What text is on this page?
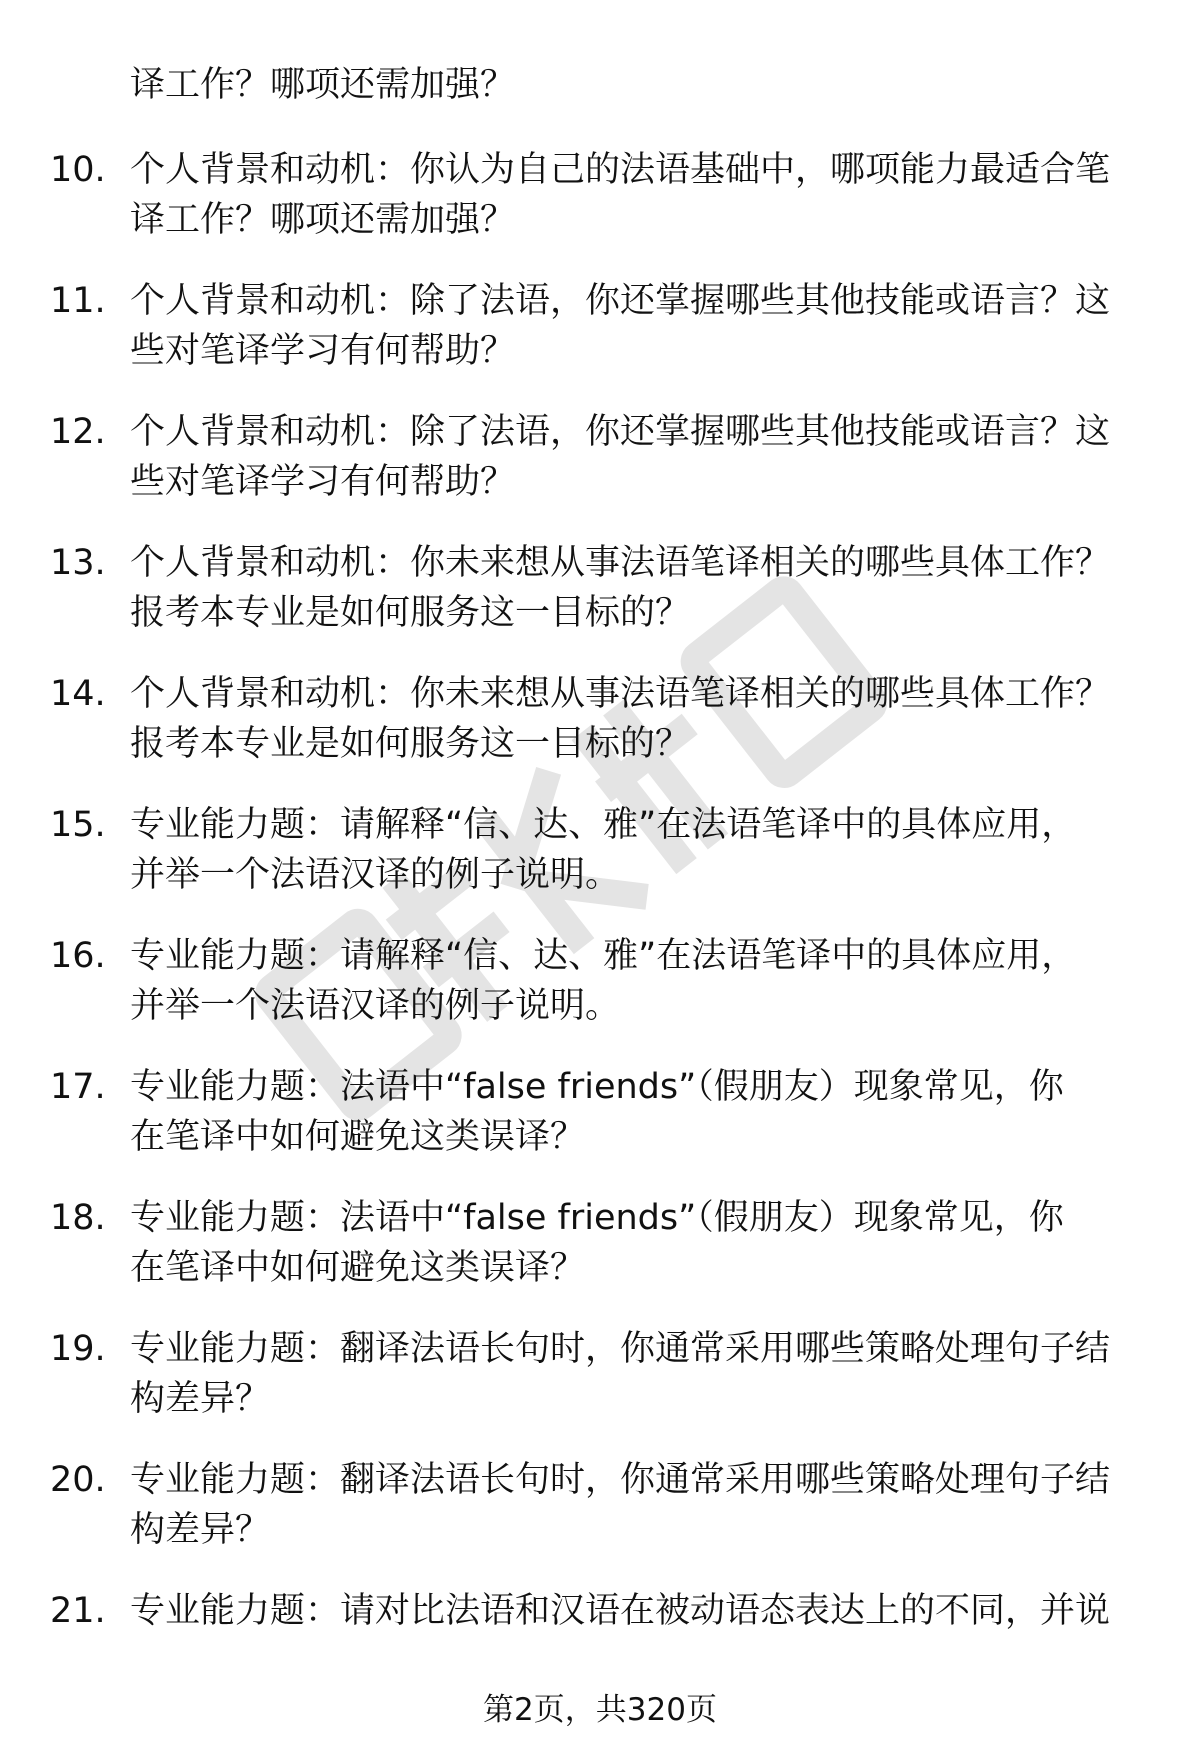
译工作？哪项还需加强？
10. 个人背景和动机：你认为自己的法语基础中，哪项能力最适合笔
译工作？哪项还需加强？
11. 个人背景和动机：除了法语，你还掌握哪些其他技能或语言？这
些对笔译学习有何帮助？
12. 个人背景和动机：除了法语，你还掌握哪些其他技能或语言？这
些对笔译学习有何帮助？
13. 个人背景和动机：你未来想从事法语笔译相关的哪些具体工作？
报考本专业是如何服务这一目标的？
14. 个人背景和动机：你未来想从事法语笔译相关的哪些具体工作？
报考本专业是如何服务这一目标的？
15. 专业能力题：请解释“信、达、雅”在法语笔译中的具体应用，
并举一个法语汉译的例子说明。
16. 专业能力题：请解释“信、达、雅”在法语笔译中的具体应用，
并举一个法语汉译的例子说明。
17. 专业能力题：法语中“false friends”（假朋友）现象常见，你
在笔译中如何避免这类误译？
18. 专业能力题：法语中“false friends”（假朋友）现象常见，你
在笔译中如何避免这类误译？
19. 专业能力题：翻译法语长句时，你通常采用哪些策略处理句子结
构差异？
20. 专业能力题：翻译法语长句时，你通常采用哪些策略处理句子结
构差异？
21. 专业能力题：请对比法语和汉语在被动语态表达上的不同，并说
第2页，共320页
